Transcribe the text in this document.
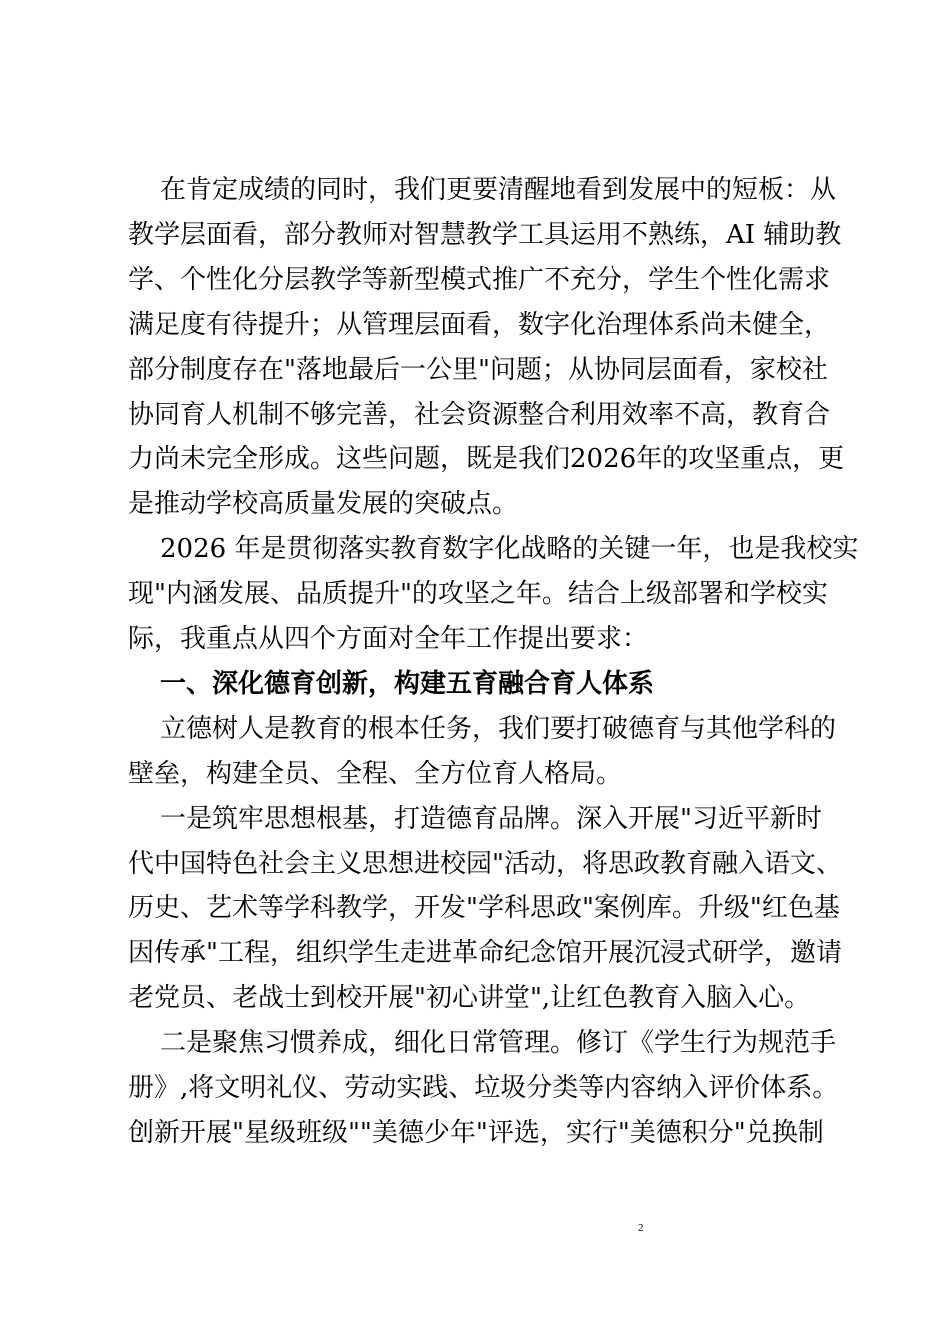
在肯定成绩的同时，我们更要清醒地看到发展中的短板：从
教学层面看，部分教师对智慧教学工具运用不熟练，AI 辅助教
学、个性化分层教学等新型模式推广不充分，学生个性化需求
满足度有待提升；从管理层面看，数字化治理体系尚未健全，
部分制度存在"落地最后一公里"问题；从协同层面看，家校社
协同育人机制不够完善，社会资源整合利用效率不高，教育合
力尚未完全形成。这些问题，既是我们2026年的攻坚重点，更
是推动学校高质量发展的突破点。
2026 年是贯彻落实教育数字化战略的关键一年，也是我校实
现"内涵发展、品质提升"的攻坚之年。结合上级部署和学校实
际，我重点从四个方面对全年工作提出要求：
一、深化德育创新，构建五育融合育人体系
立德树人是教育的根本任务，我们要打破德育与其他学科的
壁垒，构建全员、全程、全方位育人格局。
一是筑牢思想根基，打造德育品牌。深入开展"习近平新时
代中国特色社会主义思想进校园"活动，将思政教育融入语文、
历史、艺术等学科教学，开发"学科思政"案例库。升级"红色基
因传承"工程，组织学生走进革命纪念馆开展沉浸式研学，邀请
老党员、老战士到校开展"初心讲堂",让红色教育入脑入心。
二是聚焦习惯养成，细化日常管理。修订《学生行为规范手
册》,将文明礼仪、劳动实践、垃圾分类等内容纳入评价体系。
创新开展"星级班级""美德少年"评选，实行"美德积分"兑换制
2
